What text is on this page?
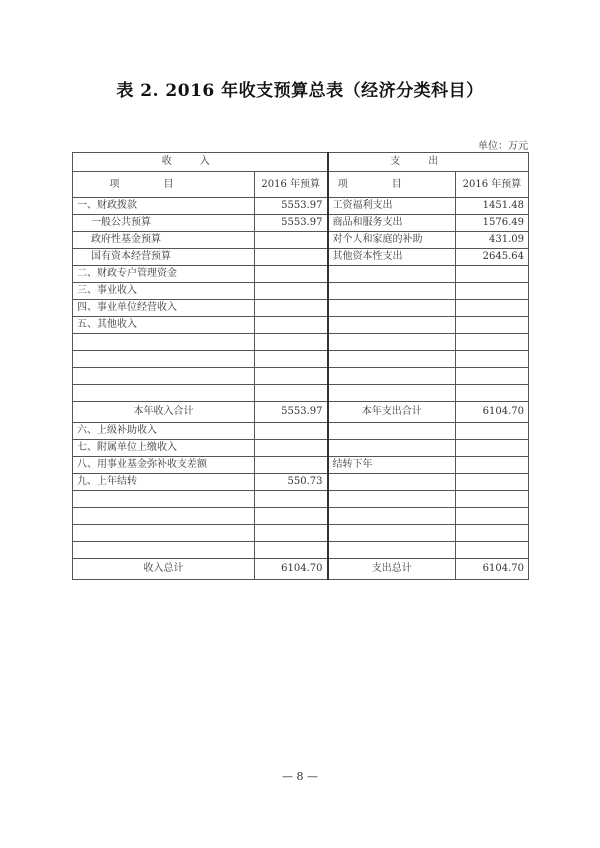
表 2. 2016 年收支预算总表（经济分类科目）
单位：万元
收入		支出	
项目	2016 年预算	项目	2016 年预算
一、财政拨款	5553.97	工资福利支出	1451.48
一般公共预算	5553.97	商品和服务支出	1576.49
政府性基金预算		对个人和家庭的补助	431.09
国有资本经营预算		其他资本性支出	2645.64
二、财政专户管理资金			
三、事业收入			
四、事业单位经营收入			
五、其他收入			

本年收入合计	5553.97	本年支出合计	6104.70
六、上级补助收入			
七、附属单位上缴收入			
八、用事业基金弥补收支差额		结转下年	
九、上年结转	550.73		

收入总计	6104.70	支出总计	6104.70
— 8 —
